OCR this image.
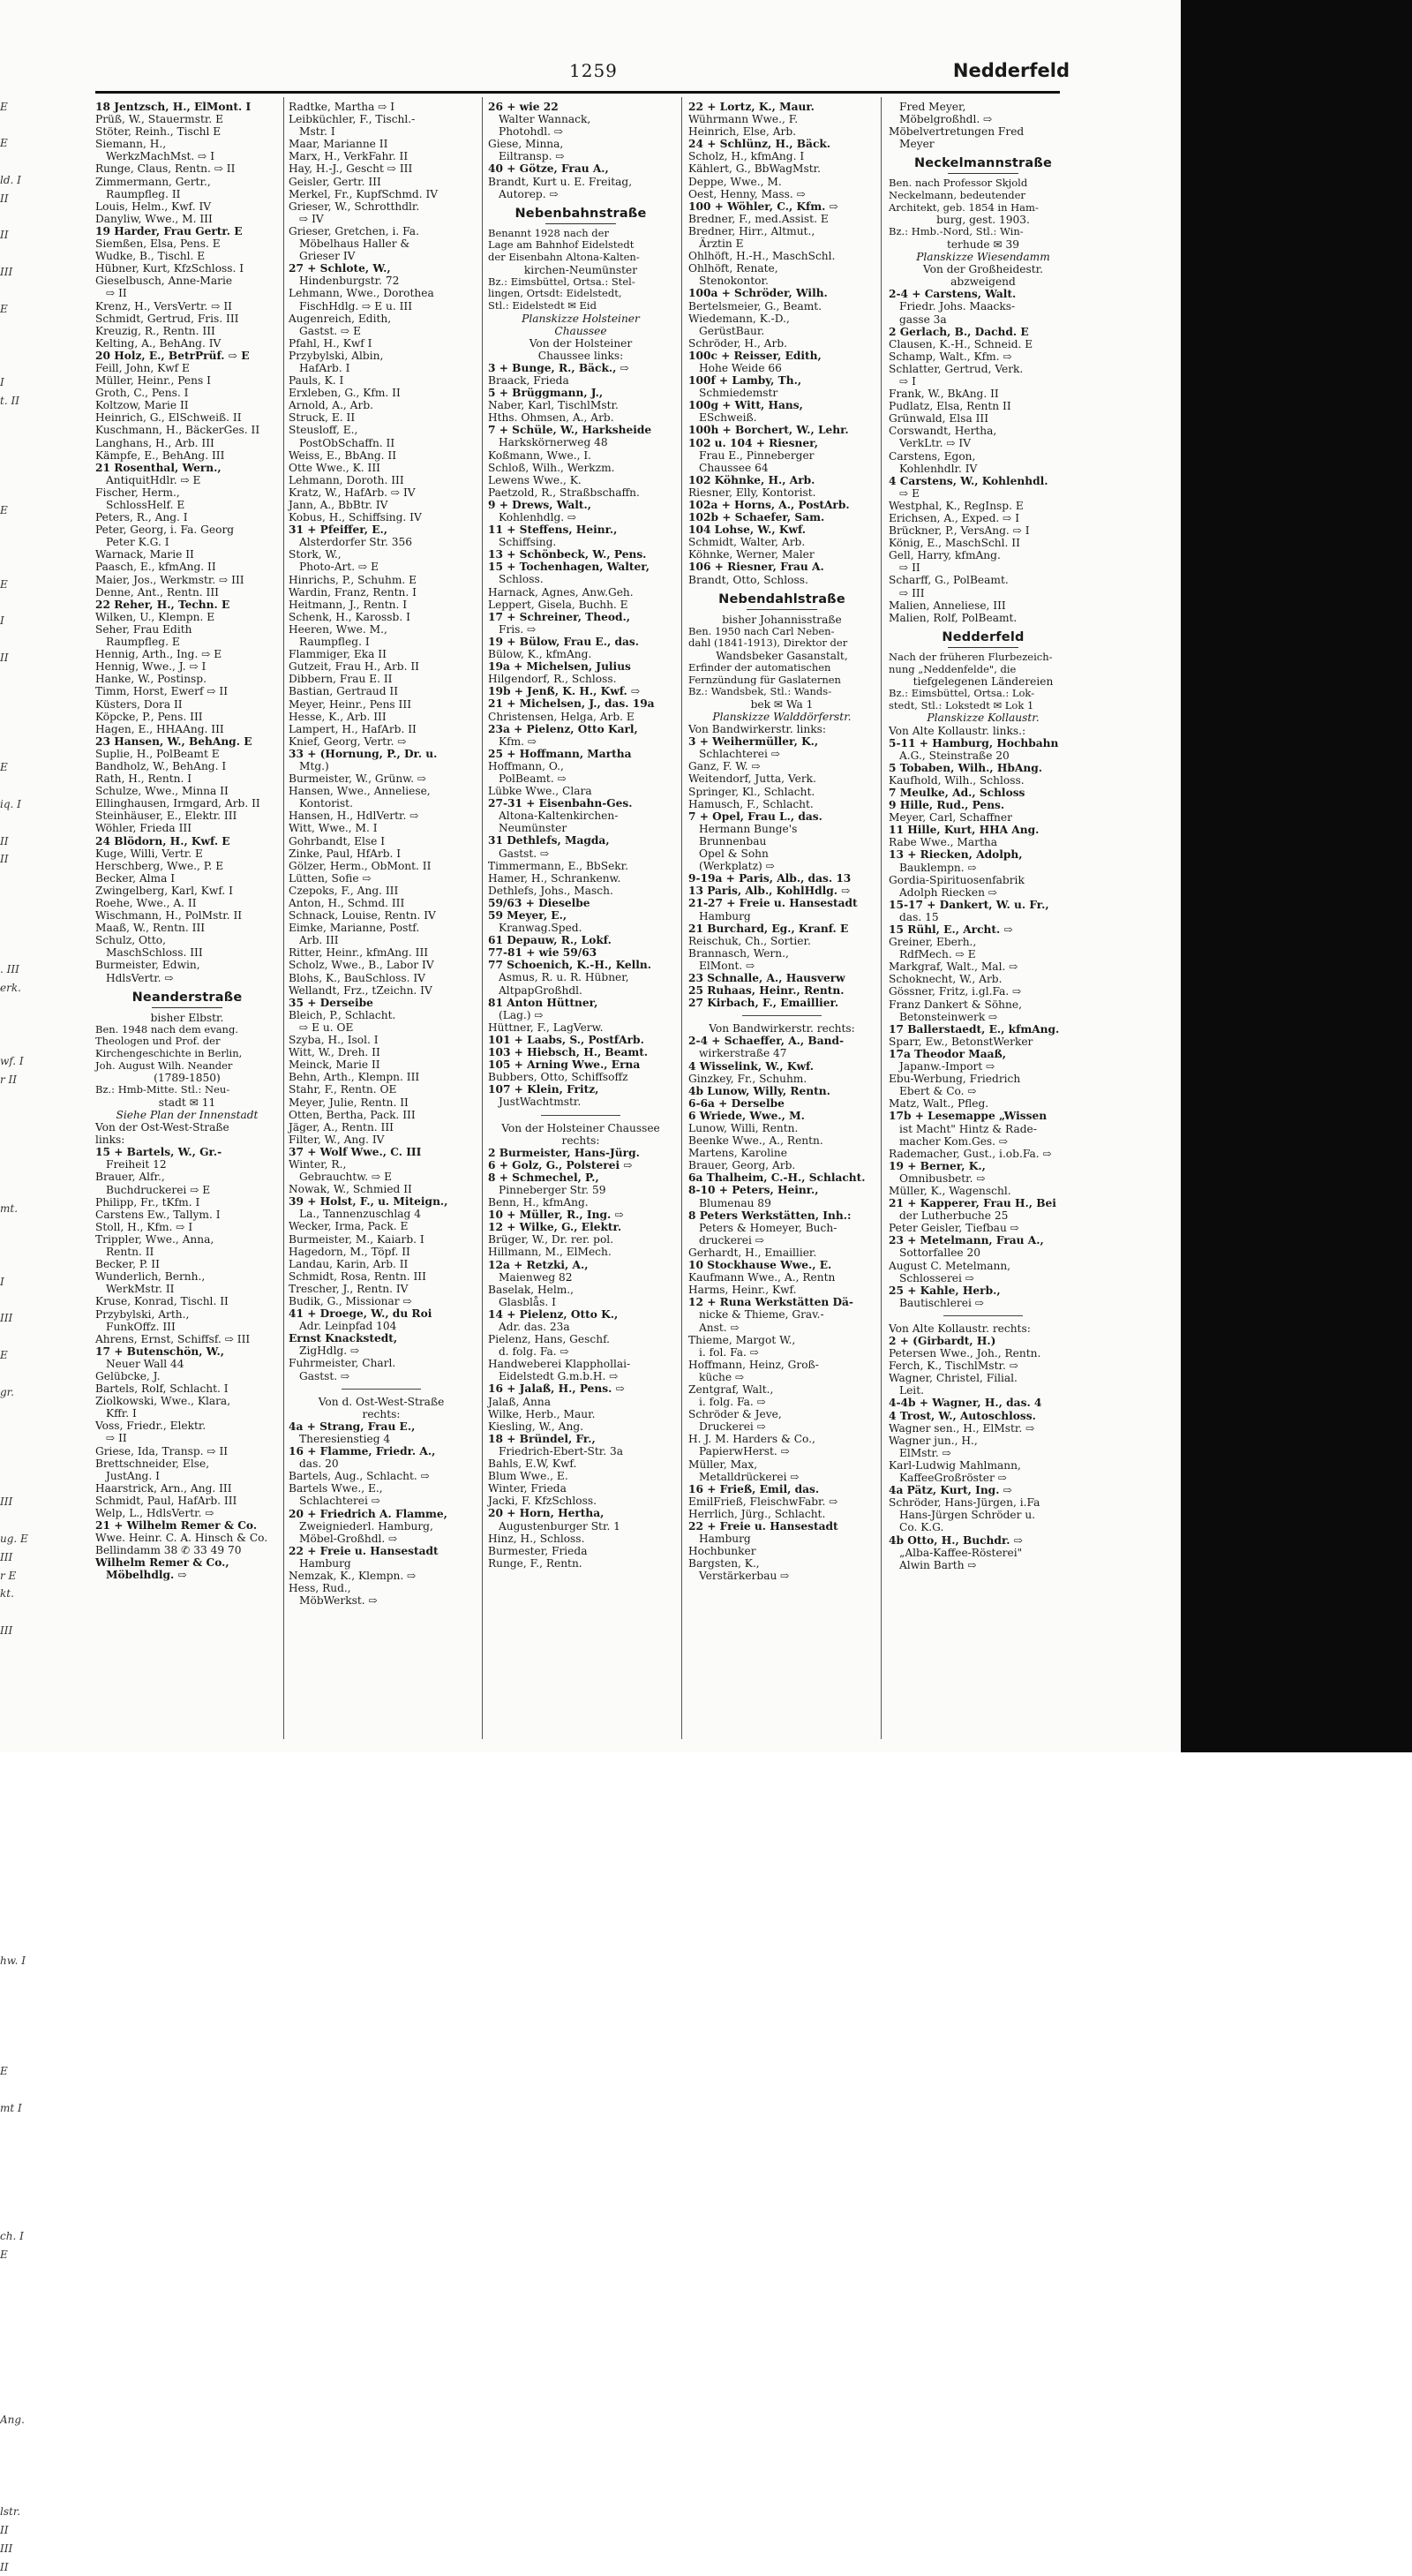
E

E

ld. I
II

II

III

E

I
t. II

E

E

I

II

E

iq. I

II
II

. III
erk.

wf. I
r II

mt.

I

III

E

gr.

III

ug. E
III
r E
kt.

III

hw. I

E

mt I

ch. I
E

Ang.

lstr.
II
III
II
1259	Nedderfeld
18 Jentzsch, H., ElMont. I
Prüß, W., Stauermstr. E
Stöter, Reinh., Tischl E
Siemann, H.,
WerkzMachMst. ⇨ I
Runge, Claus, Rentn. ⇨ II
Zimmermann, Gertr.,
Raumpfleg. II
Louis, Helm., Kwf. IV
Danyliw, Wwe., M. III
19 Harder, Frau Gertr. E
Siemßen, Elsa, Pens. E
Wudke, B., Tischl. E
Hübner, Kurt, KfzSchloss. I
Gieselbusch, Anne-Marie
⇨ II
Krenz, H., VersVertr. ⇨ II
Schmidt, Gertrud, Fris. III
Kreuzig, R., Rentn. III
Kelting, A., BehAng. IV
20 Holz, E., BetrPrüf. ⇨ E
Feill, John, Kwf E
Müller, Heinr., Pens I
Groth, C., Pens. I
Koltzow, Marie II
Heinrich, G., ElSchweiß. II
Kuschmann, H., BäckerGes. II
Langhans, H., Arb. III
Kämpfe, E., BehAng. III
21 Rosenthal, Wern.,
AntiquitHdlr. ⇨ E
Fischer, Herm.,
SchlossHelf. E
Peters, R., Ang. I
Peter, Georg, i. Fa. Georg
Peter K.G. I
Warnack, Marie II
Paasch, E., kfmAng. II
Maier, Jos., Werkmstr. ⇨ III
Denne, Ant., Rentn. III
22 Reher, H., Techn. E
Wilken, U., Klempn. E
Seher, Frau Edith
Raumpfleg. E
Hennig, Arth., Ing. ⇨ E
Hennig, Wwe., J. ⇨ I
Hanke, W., Postinsp.
Timm, Horst, Ewerf ⇨ II
Küsters, Dora II
Köpcke, P., Pens. III
Hagen, E., HHAAng. III
23 Hansen, W., BehAng. E
Suplie, H., PolBeamt E
Bandholz, W., BehAng. I
Rath, H., Rentn. I
Schulze, Wwe., Minna II
Ellinghausen, Irmgard, Arb. II
Steinhäuser, E., Elektr. III
Wöhler, Frieda III
24 Blödorn, H., Kwf. E
Kuge, Willi, Vertr. E
Herschberg, Wwe., P. E
Becker, Alma I
Zwingelberg, Karl, Kwf. I
Roehe, Wwe., A. II
Wischmann, H., PolMstr. II
Maaß, W., Rentn. III
Schulz, Otto,
MaschSchloss. III
Burmeister, Edwin,
HdlsVertr. ⇨
Neanderstraße
bisher Elbstr.
Ben. 1948 nach dem evang.
Theologen und Prof. der
Kirchengeschichte in Berlin,
Joh. August Wilh. Neander
(1789-1850)
Bz.: Hmb-Mitte. Stl.: Neu-
stadt ✉ 11
Siehe Plan der Innenstadt
Von der Ost-West-Straße
links:
15 + Bartels, W., Gr.-
Freiheit 12
Brauer, Alfr.,
Buchdruckerei ⇨ E
Philipp, Fr., tKfm. I
Carstens Ew., Tallym. I
Stoll, H., Kfm. ⇨ I
Trippler, Wwe., Anna,
Rentn. II
Becker, P. II
Wunderlich, Bernh.,
WerkMstr. II
Kruse, Konrad, Tischl. II
Przybylski, Arth.,
FunkOffz. III
Ahrens, Ernst, Schiffsf. ⇨ III
17 + Butenschön, W.,
Neuer Wall 44
Gelübcke, J.
Bartels, Rolf, Schlacht. I
Ziolkowski, Wwe., Klara,
Kffr. I
Voss, Friedr., Elektr.
⇨ II
Griese, Ida, Transp. ⇨ II
Brettschneider, Else,
JustAng. I
Haarstrick, Arn., Ang. III
Schmidt, Paul, HafArb. III
Welp, L., HdlsVertr. ⇨
21 + Wilhelm Remer & Co.
Wwe. Heinr. C. A. Hinsch & Co.
Bellindamm 38 ✆ 33 49 70
Wilhelm Remer & Co.,
Möbelhdlg. ⇨
Radtke, Martha ⇨ I
Leibküchler, F., Tischl.-
Mstr. I
Maar, Marianne II
Marx, H., VerkFahr. II
Hay, H.-J., Gescht ⇨ III
Geisler, Gertr. III
Merkel, Fr., KupfSchmd. IV
Grieser, W., Schrotthdlr.
⇨ IV
Grieser, Gretchen, i. Fa.
Möbelhaus Haller &
Grieser IV
27 + Schlote, W.,
Hindenburgstr. 72
Lehmann, Wwe., Dorothea
FischHdlg. ⇨ E u. III
Augenreich, Edith,
Gastst. ⇨ E
Pfahl, H., Kwf I
Przybylski, Albin,
HafArb. I
Pauls, K. I
Erxleben, G., Kfm. II
Arnold, A., Arb.
Struck, E. II
Steusloff, E.,
PostObSchaffn. II
Weiss, E., BbAng. II
Otte Wwe., K. III
Lehmann, Doroth. III
Kratz, W., HafArb. ⇨ IV
Jann, A., BbBtr. IV
Kobus, H., Schiffsing. IV
31 + Pfeiffer, E.,
Alsterdorfer Str. 356
Stork, W.,
Photo-Art. ⇨ E
Hinrichs, P., Schuhm. E
Wardin, Franz, Rentn. I
Heitmann, J., Rentn. I
Schenk, H., Karossb. I
Heeren, Wwe. M.,
Raumpfleg. I
Flammiger, Eka II
Gutzeit, Frau H., Arb. II
Dibbern, Frau E. II
Bastian, Gertraud II
Meyer, Heinr., Pens III
Hesse, K., Arb. III
Lampert, H., HafArb. II
Knief, Georg, Vertr. ⇨
33 + (Hornung, P., Dr. u.
Mtg.)
Burmeister, W., Grünw. ⇨
Hansen, Wwe., Anneliese,
Kontorist.
Hansen, H., HdlVertr. ⇨
Witt, Wwe., M. I
Gohrbandt, Else I
Zinke, Paul, HfArb. I
Gölzer, Herm., ObMont. II
Lütten, Sofie ⇨
Czepoks, F., Ang. III
Anton, H., Schmd. III
Schnack, Louise, Rentn. IV
Eimke, Marianne, Postf.
Arb. III
Ritter, Heinr., kfmAng. III
Scholz, Wwe., B., Labor IV
Blohs, K., BauSchloss. IV
Wellandt, Frz., tZeichn. IV
35 + Derseibe
Bleich, P., Schlacht.
⇨ E u. OE
Szyba, H., Isol. I
Witt, W., Dreh. II
Meinck, Marie II
Behn, Arth., Klempn. III
Stahr, F., Rentn. OE
Meyer, Julie, Rentn. II
Otten, Bertha, Pack. III
Jäger, A., Rentn. III
Filter, W., Ang. IV
37 + Wolf Wwe., C. III
Winter, R.,
Gebrauchtw. ⇨ E
Nowak, W., Schmied II
39 + Holst, F., u. Miteign.,
La., Tannenzuschlag 4
Wecker, Irma, Pack. E
Burmeister, M., Kaiarb. I
Hagedorn, M., Töpf. II
Landau, Karin, Arb. II
Schmidt, Rosa, Rentn. III
Trescher, J., Rentn. IV
Budik, G., Missionar ⇨
41 + Droege, W., du Roi
Adr. Leinpfad 104
Ernst Knackstedt,
ZigHdlg. ⇨
Fuhrmeister, Charl.
Gastst. ⇨
Von d. Ost-West-Straße
rechts:
4a + Strang, Frau E.,
Theresienstieg 4
16 + Flamme, Friedr. A.,
das. 20
Bartels, Aug., Schlacht. ⇨
Bartels Wwe., E.,
Schlachterei ⇨
20 + Friedrich A. Flamme,
Zweigniederl. Hamburg,
Möbel-Großhdl. ⇨
22 + Freie u. Hansestadt
Hamburg
Nemzak, K., Klempn. ⇨
Hess, Rud.,
MöbWerkst. ⇨
26 + wie 22
Walter Wannack,
Photohdl. ⇨
Giese, Minna,
Eiltransp. ⇨
40 + Götze, Frau A.,
Brandt, Kurt u. E. Freitag,
Autorep. ⇨
Nebenbahnstraße
Benannt 1928 nach der
Lage am Bahnhof Eidelstedt
der Eisenbahn Altona-Kalten-
kirchen-Neumünster
Bz.: Eimsbüttel, Ortsa.: Stel-
lingen, Ortsdt: Eidelstedt,
Stl.: Eidelstedt ✉ Eid
Planskizze Holsteiner
Chaussee
Von der Holsteiner
Chaussee links:
3 + Bunge, R., Bäck., ⇨
Braack, Frieda
5 + Brüggmann, J.,
Naber, Karl, TischlMstr.
Hths. Ohmsen, A., Arb.
7 + Schüle, W., Harksheide
Harkskörnerweg 48
Koßmann, Wwe., I.
Schloß, Wilh., Werkzm.
Lewens Wwe., K.
Paetzold, R., Straßbschaffn.
9 + Drews, Walt.,
Kohlenhdlg. ⇨
11 + Steffens, Heinr.,
Schiffsing.
13 + Schönbeck, W., Pens.
15 + Tochenhagen, Walter,
Schloss.
Harnack, Agnes, Anw.Geh.
Leppert, Gisela, Buchh. E
17 + Schreiner, Theod.,
Fris. ⇨
19 + Bülow, Frau E., das.
Bülow, K., kfmAng.
19a + Michelsen, Julius
Hilgendorf, R., Schloss.
19b + Jenß, K. H., Kwf. ⇨
21 + Michelsen, J., das. 19a
Christensen, Helga, Arb. E
23a + Pielenz, Otto Karl,
Kfm. ⇨
25 + Hoffmann, Martha
Hoffmann, O.,
PolBeamt. ⇨
Lübke Wwe., Clara
27-31 + Eisenbahn-Ges.
Altona-Kaltenkirchen-
Neumünster
31 Dethlefs, Magda,
Gastst. ⇨
Timmermann, E., BbSekr.
Hamer, H., Schrankenw.
Dethlefs, Johs., Masch.
59/63 + Dieselbe
59 Meyer, E.,
Kranwag.Sped.
61 Depauw, R., Lokf.
77-81 + wie 59/63
77 Schoenich, K.-H., Kelln.
Asmus, R. u. R. Hübner,
AltpapGroßhdl.
81 Anton Hüttner,
(Lag.) ⇨
Hüttner, F., LagVerw.
101 + Laabs, S., PostfArb.
103 + Hiebsch, H., Beamt.
105 + Arning Wwe., Erna
Bubbers, Otto, Schiffsoffz
107 + Klein, Fritz,
JustWachtmstr.
Von der Holsteiner Chaussee
rechts:
2 Burmeister, Hans-Jürg.
6 + Golz, G., Polsterei ⇨
8 + Schmechel, P.,
Pinneberger Str. 59
Benn, H., kfmAng.
10 + Müller, R., Ing. ⇨
12 + Wilke, G., Elektr.
Brüger, W., Dr. rer. pol.
Hillmann, M., ElMech.
12a + Retzki, A.,
Maienweg 82
Baselak, Helm.,
Glasblås. I
14 + Pielenz, Otto K.,
Adr. das. 23a
Pielenz, Hans, Geschf.
d. folg. Fa. ⇨
Handweberei Klapphollai-
Eidelstedt G.m.b.H. ⇨
16 + Jalaß, H., Pens. ⇨
Jalaß, Anna
Wilke, Herb., Maur.
Kiesling, W., Ang.
18 + Bründel, Fr.,
Friedrich-Ebert-Str. 3a
Bahls, E.W, Kwf.
Blum Wwe., E.
Winter, Frieda
Jacki, F. KfzSchloss.
20 + Horn, Hertha,
Augustenburger Str. 1
Hinz, H., Schloss.
Burmester, Frieda
Runge, F., Rentn.
22 + Lortz, K., Maur.
Wührmann Wwe., F.
Heinrich, Else, Arb.
24 + Schlünz, H., Bäck.
Scholz, H., kfmAng. I
Kählert, G., BbWagMstr.
Deppe, Wwe., M.
Oest, Henny, Mass. ⇨
100 + Wöhler, C., Kfm. ⇨
Bredner, F., med.Assist. E
Bredner, Hirr., Altmut.,
Ärztin E
Ohlhöft, H.-H., MaschSchl.
Ohlhöft, Renate,
Stenokontor.
100a + Schröder, Wilh.
Bertelsmeier, G., Beamt.
Wiedemann, K.-D.,
GerüstBaur.
Schröder, H., Arb.
100c + Reisser, Edith,
Hohe Weide 66
100f + Lamby, Th.,
Schmiedemstr
100g + Witt, Hans,
ESchweiß.
100h + Borchert, W., Lehr.
102 u. 104 + Riesner,
Frau E., Pinneberger
Chaussee 64
102 Köhnke, H., Arb.
Riesner, Elly, Kontorist.
102a + Horns, A., PostArb.
102b + Schaefer, Sam.
104 Lohse, W., Kwf.
Schmidt, Walter, Arb.
Köhnke, Werner, Maler
106 + Riesner, Frau A.
Brandt, Otto, Schloss.
Nebendahlstraße
bisher Johannisstraße
Ben. 1950 nach Carl Neben-
dahl (1841-1913), Direktor der
Wandsbeker Gasanstalt,
Erfinder der automatischen
Fernzündung für Gaslaternen
Bz.: Wandsbek, Stl.: Wands-
bek ✉ Wa 1
Planskizze Walddörferstr.
Von Bandwirkerstr. links:
3 + Weihermüller, K.,
Schlachterei ⇨
Ganz, F. W. ⇨
Weitendorf, Jutta, Verk.
Springer, Kl., Schlacht.
Hamusch, F., Schlacht.
7 + Opel, Frau L., das.
Hermann Bunge's
Brunnenbau
Opel & Sohn
(Werkplatz) ⇨
9-19a + Paris, Alb., das. 13
13 Paris, Alb., KohlHdlg. ⇨
21-27 + Freie u. Hansestadt
Hamburg
21 Burchard, Eg., Kranf. E
Reischuk, Ch., Sortier.
Brannasch, Wern.,
ElMont. ⇨
23 Schnalle, A., Hausverw
25 Ruhaas, Heinr., Rentn.
27 Kirbach, F., Emaillier.
Von Bandwirkerstr. rechts:
2-4 + Schaeffer, A., Band-
wirkerstraße 47
4 Wisselink, W., Kwf.
Ginzkey, Fr., Schuhm.
4b Lunow, Willy, Rentn.
6-6a + Derselbe
6 Wriede, Wwe., M.
Lunow, Willi, Rentn.
Beenke Wwe., A., Rentn.
Martens, Karoline
Brauer, Georg, Arb.
6a Thalheim, C.-H., Schlacht.
8-10 + Peters, Heinr.,
Blumenau 89
8 Peters Werkstätten, Inh.:
Peters & Homeyer, Buch-
druckerei ⇨
Gerhardt, H., Emaillier.
10 Stockhause Wwe., E.
Kaufmann Wwe., A., Rentn
Harms, Heinr., Kwf.
12 + Runa Werkstätten Dä-
nicke & Thieme, Grav.-
Anst. ⇨
Thieme, Margot W.,
i. fol. Fa. ⇨
Hoffmann, Heinz, Groß-
küche ⇨
Zentgraf, Walt.,
i. folg. Fa. ⇨
Schröder & Jeve,
Druckerei ⇨
H. J. M. Harders & Co.,
PapierwHerst. ⇨
Müller, Max,
Metalldrückerei ⇨
16 + Frieß, Emil, das.
EmilFrieß, FleischwFabr. ⇨
Herrlich, Jürg., Schlacht.
22 + Freie u. Hansestadt
Hamburg
Hochbunker
Bargsten, K.,
Verstärkerbau ⇨
Fred Meyer,
Möbelgroßhdl. ⇨
Möbelvertretungen Fred
Meyer
Neckelmannstraße
Ben. nach Professor Skjold
Neckelmann, bedeutender
Architekt, geb. 1854 in Ham-
burg, gest. 1903.
Bz.: Hmb.-Nord, Stl.: Win-
terhude ✉ 39
Planskizze Wiesendamm
Von der Großheidestr.
abzweigend
2-4 + Carstens, Walt.
Friedr. Johs. Maacks-
gasse 3a
2 Gerlach, B., Dachd. E
Clausen, K.-H., Schneid. E
Schamp, Walt., Kfm. ⇨
Schlatter, Gertrud, Verk.
⇨ I
Frank, W., BkAng. II
Pudlatz, Elsa, Rentn II
Grünwald, Elsa III
Corswandt, Hertha,
VerkLtr. ⇨ IV
Carstens, Egon,
Kohlenhdlr. IV
4 Carstens, W., Kohlenhdl.
⇨ E
Westphal, K., RegInsp. E
Erichsen, A., Exped. ⇨ I
Brückner, P., VersAng. ⇨ I
König, E., MaschSchl. II
Gell, Harry, kfmAng.
⇨ II
Scharff, G., PolBeamt.
⇨ III
Malien, Anneliese, III
Malien, Rolf, PolBeamt.
Nedderfeld
Nach der früheren Flurbezeich-
nung „Neddenfelde", die
tiefgelegenen Ländereien
Bz.: Eimsbüttel, Ortsa.: Lok-
stedt, Stl.: Lokstedt ✉ Lok 1
Planskizze Kollaustr.
Von Alte Kollaustr. links.:
5-11 + Hamburg, Hochbahn
A.G., Steinstraße 20
5 Tobaben, Wilh., HbAng.
Kaufhold, Wilh., Schloss.
7 Meulke, Ad., Schloss
9 Hille, Rud., Pens.
Meyer, Carl, Schaffner
11 Hille, Kurt, HHA Ang.
Rabe Wwe., Martha
13 + Riecken, Adolph,
Bauklempn. ⇨
Gordia-Spirituosenfabrik
Adolph Riecken ⇨
15-17 + Dankert, W. u. Fr.,
das. 15
15 Rühl, E., Archt. ⇨
Greiner, Eberh.,
RdfMech. ⇨ E
Markgraf, Walt., Mal. ⇨
Schoknecht, W., Arb.
Gössner, Fritz, i.gl.Fa. ⇨
Franz Dankert & Söhne,
Betonsteinwerk ⇨
17 Ballerstaedt, E., kfmAng.
Sparr, Ew., BetonstWerker
17a Theodor Maaß,
Japanw.-Import ⇨
Ebu-Werbung, Friedrich
Ebert & Co. ⇨
Matz, Walt., Pfleg.
17b + Lesemappe „Wissen
ist Macht" Hintz & Rade-
macher Kom.Ges. ⇨
Rademacher, Gust., i.ob.Fa. ⇨
19 + Berner, K.,
Omnibusbetr. ⇨
Müller, K., Wagenschl.
21 + Kapperer, Frau H., Bei
der Lutherbuche 25
Peter Geisler, Tiefbau ⇨
23 + Metelmann, Frau A.,
Sottorfallee 20
August C. Metelmann,
Schlosserei ⇨
25 + Kahle, Herb.,
Bautischlerei ⇨
Von Alte Kollaustr. rechts:
2 + (Girbardt, H.)
Petersen Wwe., Joh., Rentn.
Ferch, K., TischlMstr. ⇨
Wagner, Christel, Filial.
Leit.
4-4b + Wagner, H., das. 4
4 Trost, W., Autoschloss.
Wagner sen., H., ElMstr. ⇨
Wagner jun., H.,
ElMstr. ⇨
Karl-Ludwig Mahlmann,
KaffeeGroßröster ⇨
4a Pätz, Kurt, Ing. ⇨
Schröder, Hans-Jürgen, i.Fa
Hans-Jürgen Schröder u.
Co. K.G.
4b Otto, H., Buchdr. ⇨
„Alba-Kaffee-Rösterei"
Alwin Barth ⇨
